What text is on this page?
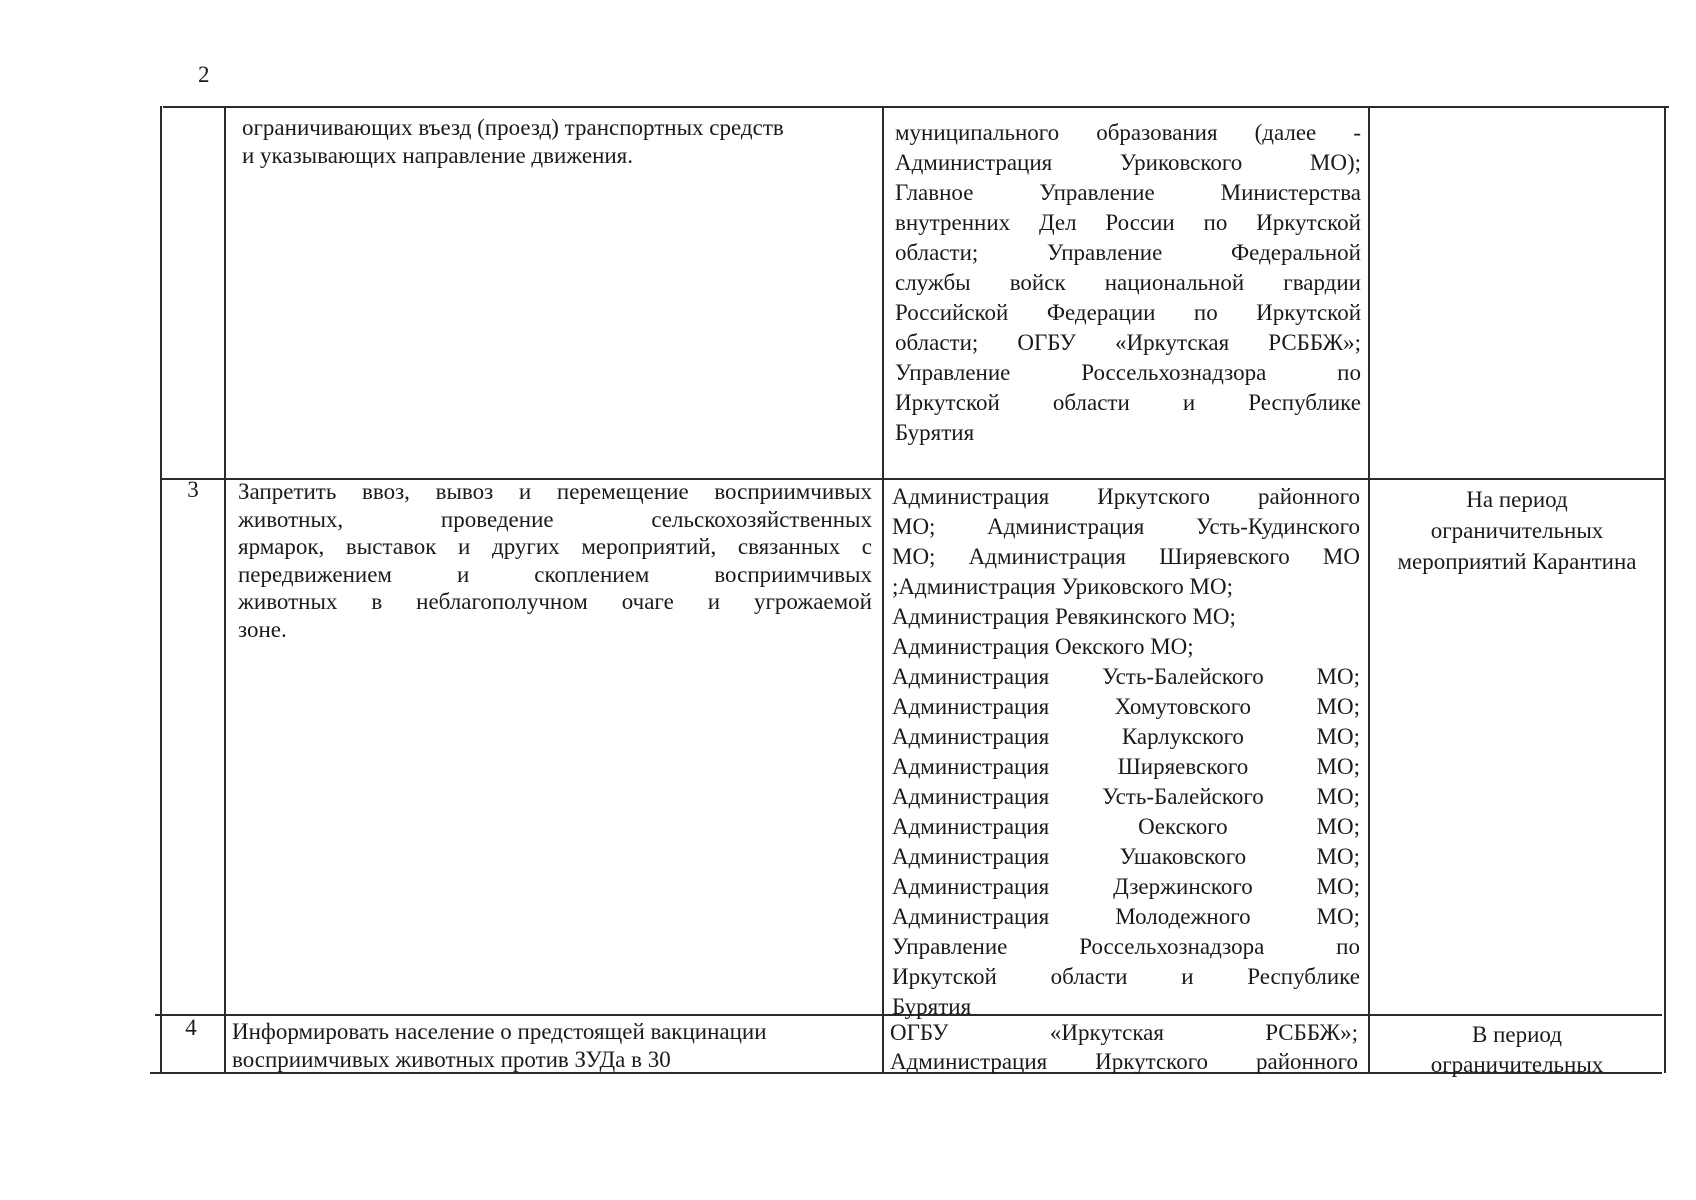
2
ограничивающих въезд (проезд) транспортных средств
и указывающих направление движения.
муниципального образования (далее -
Администрация Уриковского МО);
Главное Управление Министерства
внутренних Дел России по Иркутской
области; Управление Федеральной
службы войск национальной гвардии
Российской Федерации по Иркутской
области; ОГБУ «Иркутская РСББЖ»;
Управление Россельхознадзора по
Иркутской области и Республике
Бурятия
3	Запретить ввоз, вывоз и перемещение восприимчивых
животных, проведение сельскохозяйственных
ярмарок, выставок и других мероприятий, связанных с
передвижением и скоплением восприимчивых
животных в неблагополучном очаге и угрожаемой
зоне.
Администрация Иркутского районного
МО; Администрация Усть-Кудинского
МО; Администрация Ширяевского МО
;Администрация Уриковского МО;
Администрация Ревякинского МО;
Администрация Оекского МО;
Администрация Усть-Балейского МО;
Администрация Хомутовского МО;
Администрация Карлукского МО;
Администрация Ширяевского МО;
Администрация Усть-Балейского МО;
Администрация Оекского МО;
Администрация Ушаковского МО;
Администрация Дзержинского МО;
Администрация Молодежного МО;
Управление Россельхознадзора по
Иркутской области и Республике
Бурятия
На период
ограничительных
мероприятий Карантина
4	Информировать население о предстоящей вакцинации
восприимчивых животных против ЗУДа в 30
ОГБУ «Иркутская РСББЖ»;
Администрация Иркутского районного
В период
ограничительных
